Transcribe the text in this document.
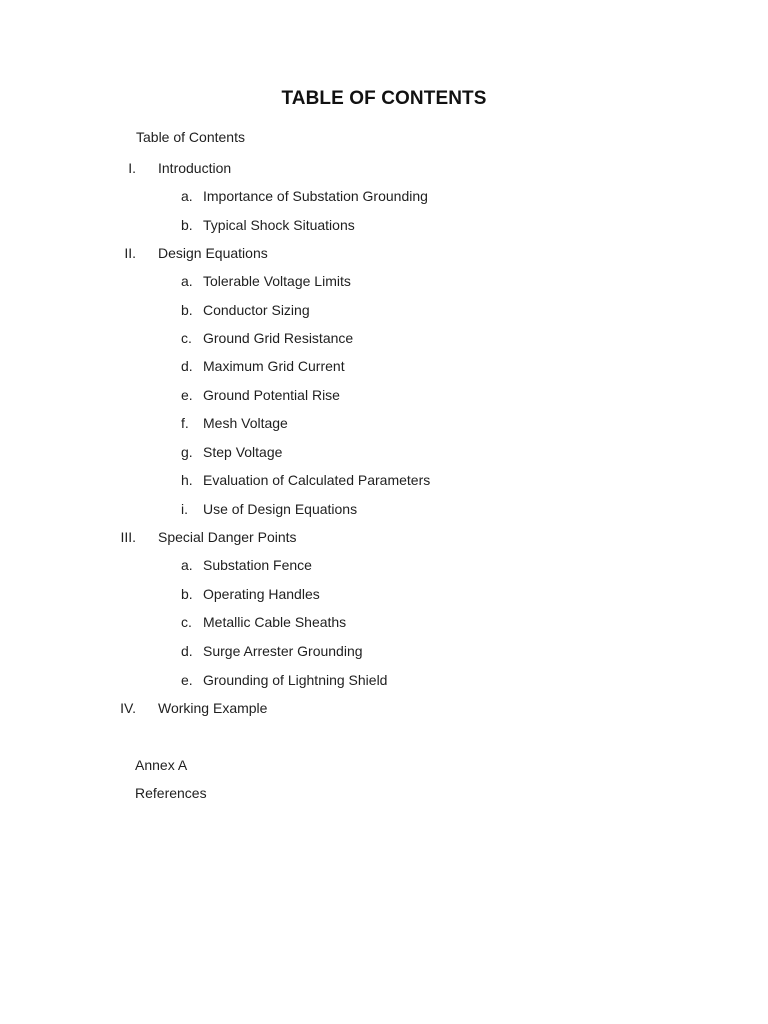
TABLE OF CONTENTS
Table of Contents
I. Introduction
a. Importance of Substation Grounding
b. Typical Shock Situations
II. Design Equations
a. Tolerable Voltage Limits
b. Conductor Sizing
c. Ground Grid Resistance
d. Maximum Grid Current
e. Ground Potential Rise
f. Mesh Voltage
g. Step Voltage
h. Evaluation of Calculated Parameters
i. Use of Design Equations
III. Special Danger Points
a. Substation Fence
b. Operating Handles
c. Metallic Cable Sheaths
d. Surge Arrester Grounding
e. Grounding of Lightning Shield
IV. Working Example
Annex A
References
